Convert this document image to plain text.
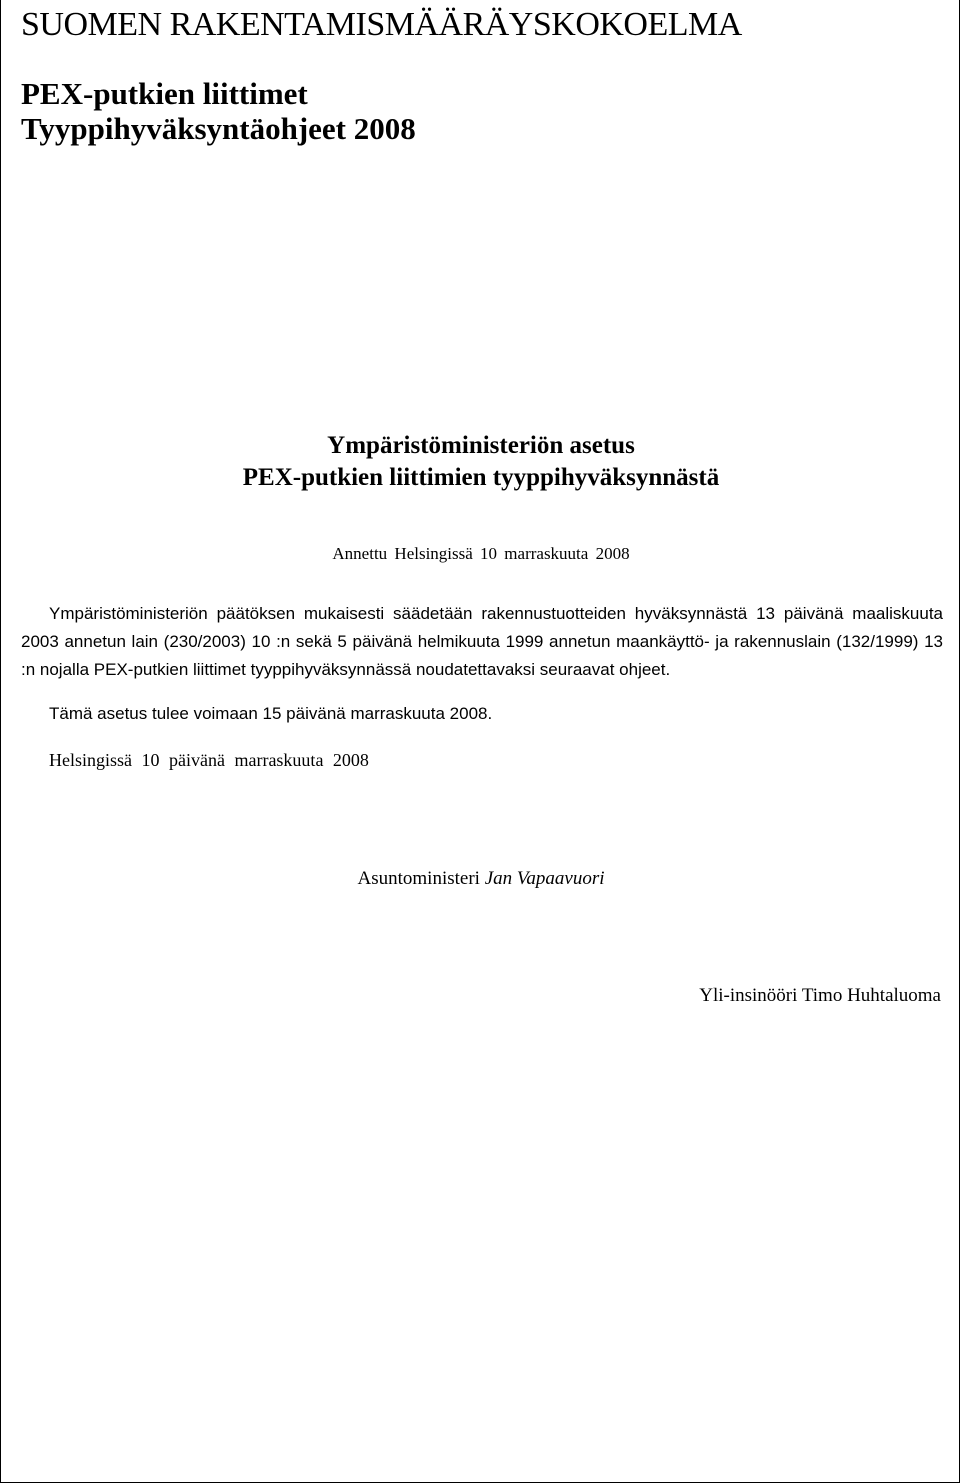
SUOMEN RAKENTAMISMÄÄRÄYSKOKOELMA
PEX-putkien liittimet
Tyyppihyväksyntäohjeet 2008
Ympäristöministeriön asetus
PEX-putkien liittimien tyyppihyväksynnästä
Annettu Helsingissä 10 marraskuuta 2008

Ympäristöministeriön päätöksen mukaisesti säädetään rakennustuotteiden hyväksynnästä 13 päivänä maaliskuuta 2003 annetun lain (230/2003) 10 :n sekä 5 päivänä helmikuuta 1999 annetun maankäyttö- ja rakennuslain (132/1999) 13 :n nojalla PEX-putkien liittimet tyyppihyväksynnässä noudatettavaksi seuraavat ohjeet.

Tämä asetus tulee voimaan 15 päivänä marraskuuta 2008.
Helsingissä 10 päivänä marraskuuta 2008
Asuntoministeri Jan Vapaavuori
Yli-insinööri Timo Huhtaluoma
